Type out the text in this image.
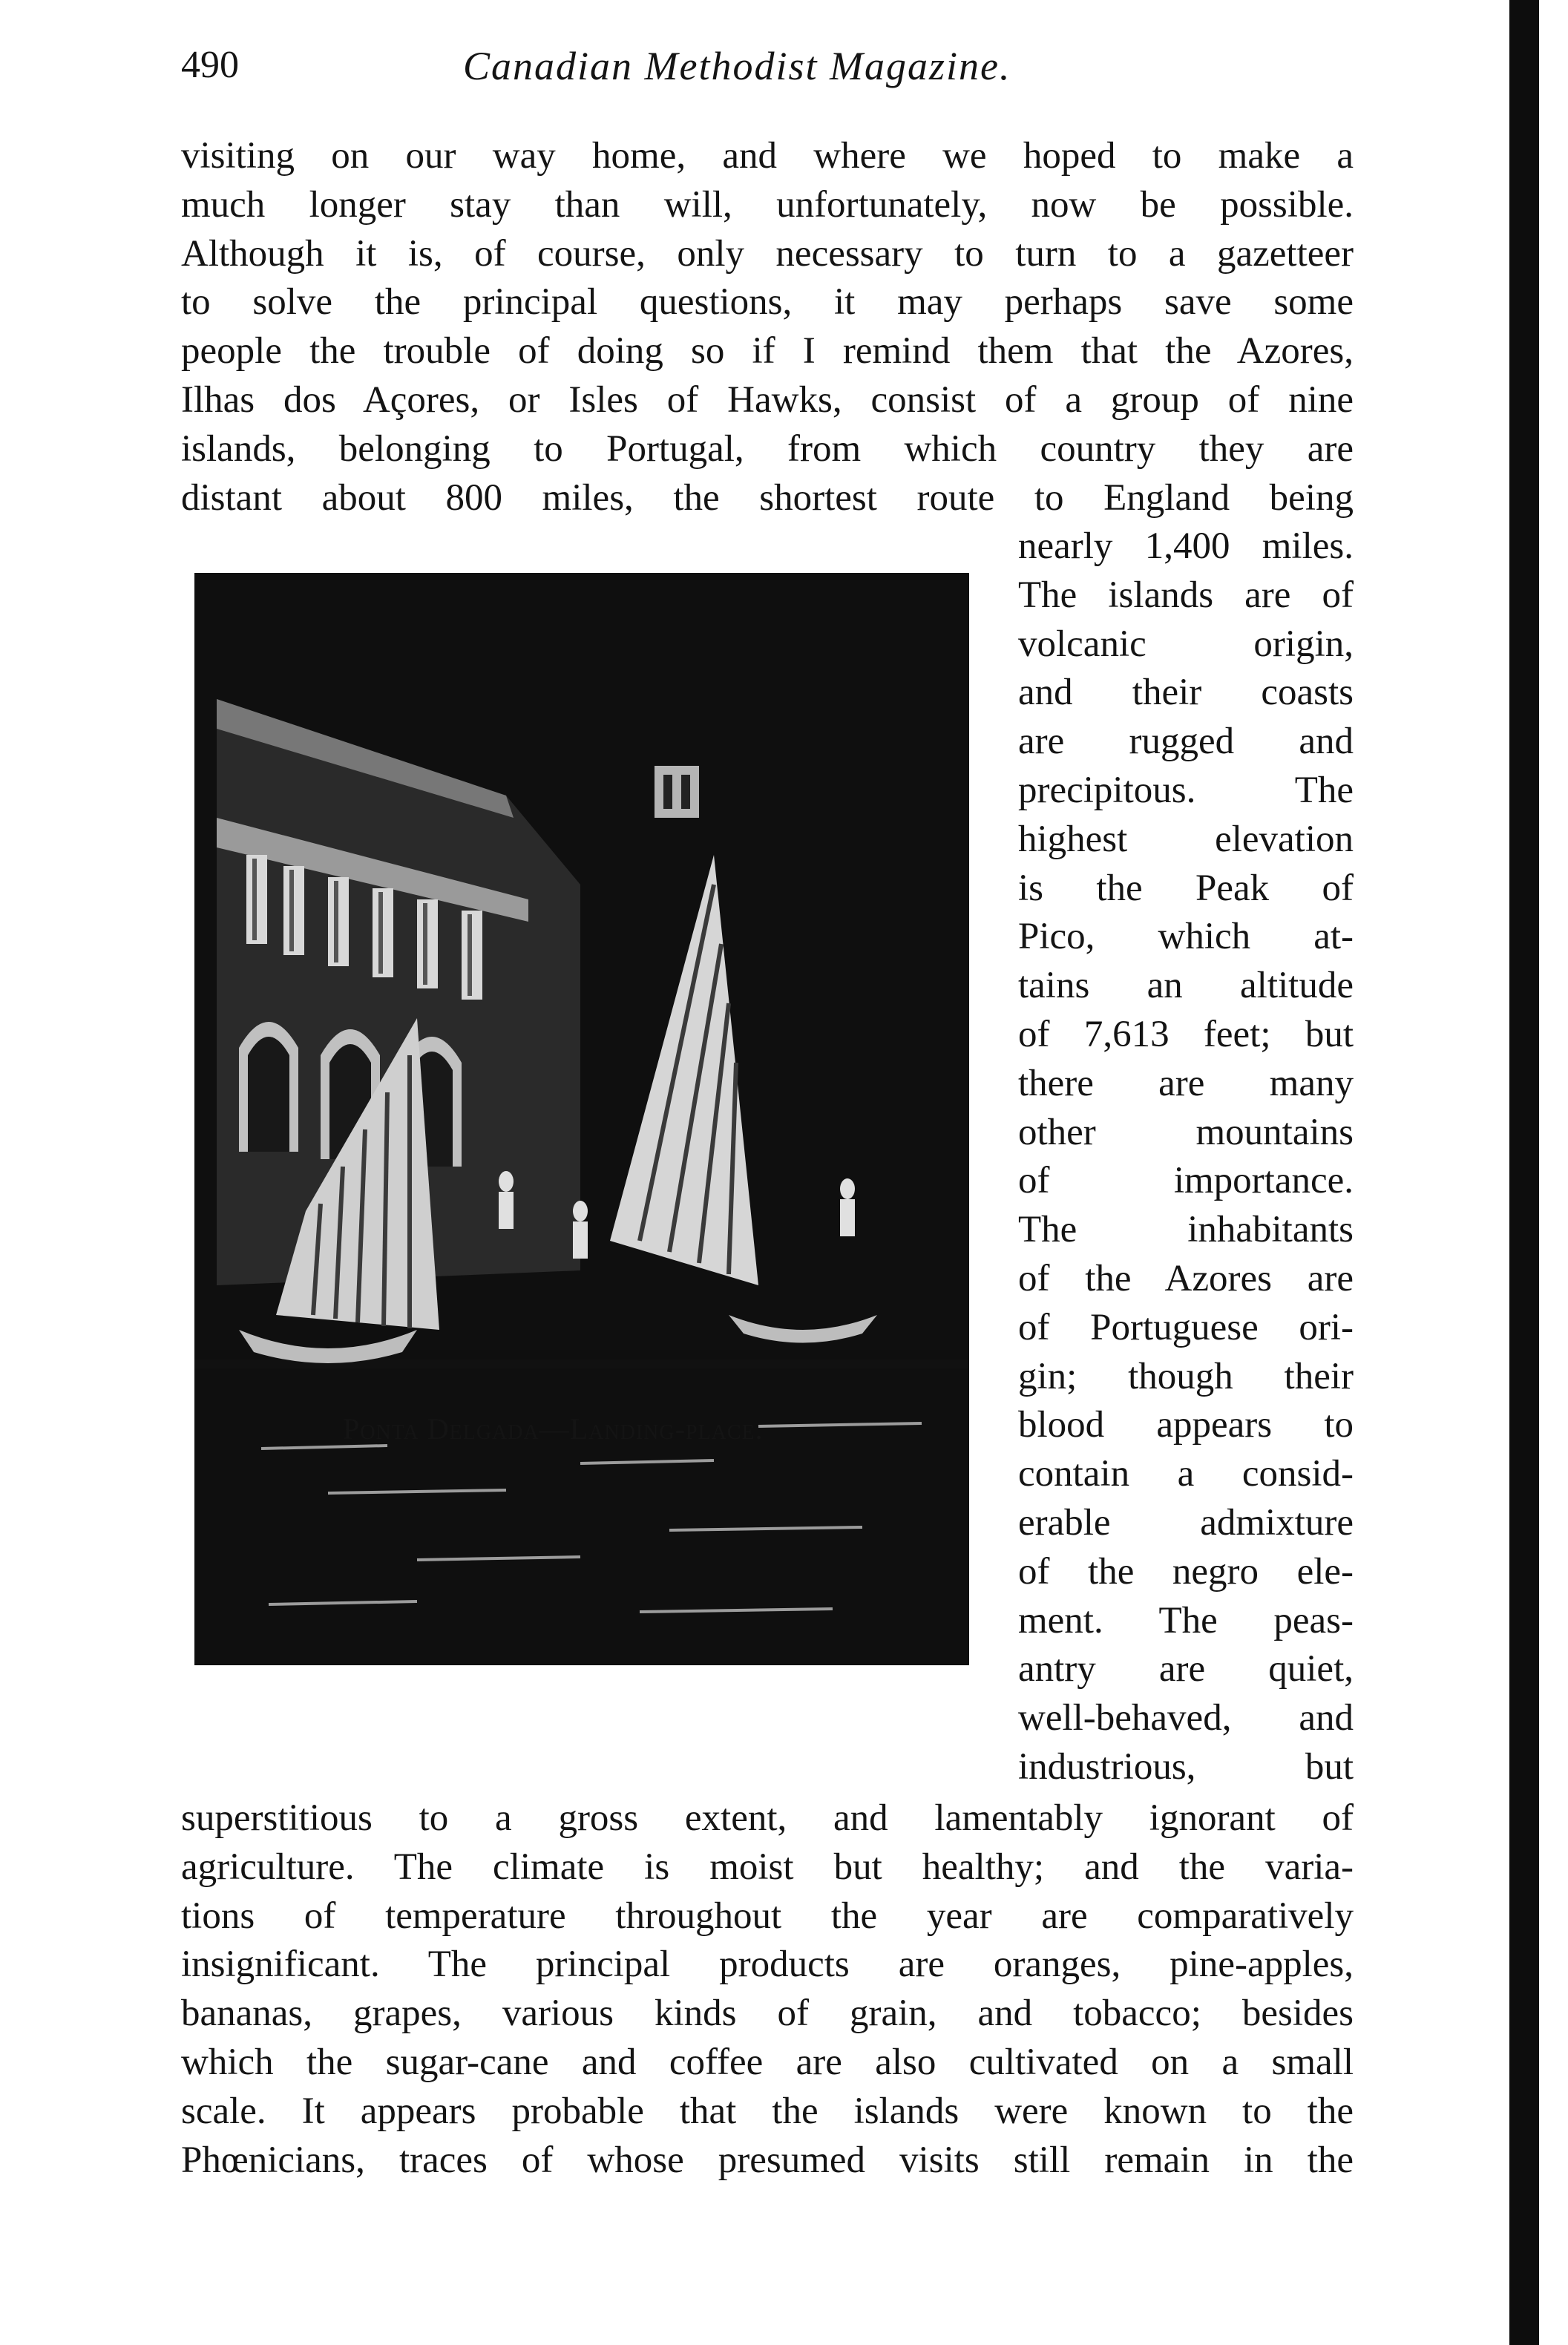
490	Canadian Methodist Magazine.
visiting on our way home, and where we hoped to make a
much longer stay than will, unfortunately, now be possible.
Although it is, of course, only necessary to turn to a gazetteer
to solve the principal questions, it may perhaps save some
people the trouble of doing so if I remind them that the Azores,
Ilhas dos Açores, or Isles of Hawks, consist of a group of nine
islands, belonging to Portugal, from which country they are
distant about 800 miles, the shortest route to England being
nearly 1,400 miles.
The islands are of
volcanic origin,
and their coasts
are rugged and
precipitous. The
highest elevation
is the Peak of
Pico, which at-
tains an altitude
of 7,613 feet; but
there are many
other mountains
of importance.
The inhabitants
of the Azores are
of Portuguese ori-
gin; though their
blood appears to
contain a consid-
erable admixture
of the negro ele-
ment. The peas-
antry are quiet,
well-behaved, and
industrious, but
Ponta Delgada—Landing-place.
superstitious to a gross extent, and lamentably ignorant of
agriculture. The climate is moist but healthy; and the varia-
tions of temperature throughout the year are comparatively
insignificant. The principal products are oranges, pine-apples,
bananas, grapes, various kinds of grain, and tobacco; besides
which the sugar-cane and coffee are also cultivated on a small
scale. It appears probable that the islands were known to the
Phœnicians, traces of whose presumed visits still remain in the
